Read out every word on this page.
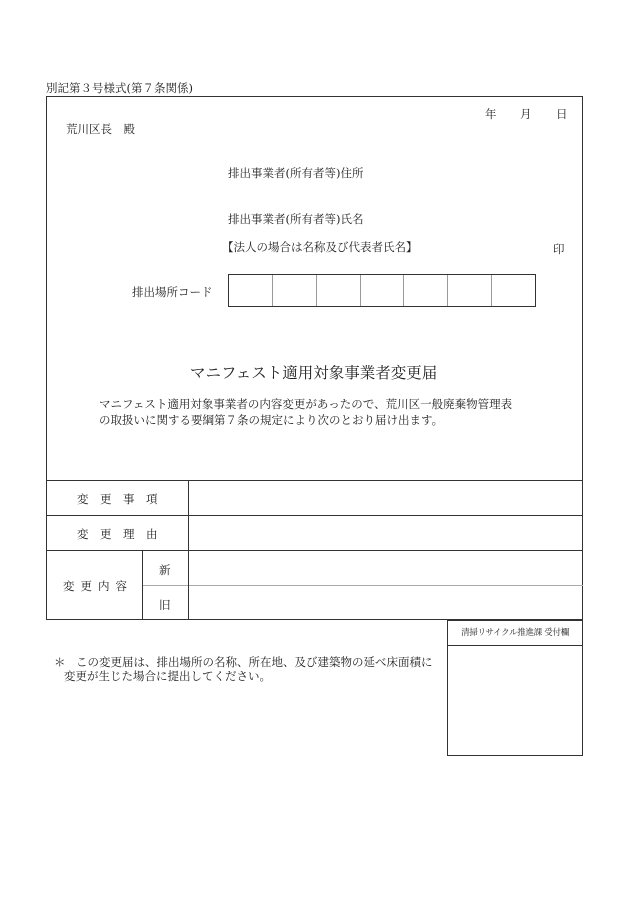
別記第３号様式(第７条関係)
年 月 日
荒川区長　殿
排出事業者(所有者等)住所
排出事業者(所有者等)氏名
【法人の場合は名称及び代表者氏名】	印
排出場所コード
マニフェスト適用対象事業者変更届
マニフェスト適用対象事業者の内容変更があったので、荒川区一般廃棄物管理表
の取扱いに関する要綱第７条の規定により次のとおり届け出ます。
変　更　事　項
変　更　理　由
変更内容
新
旧
＊ この変更届は、排出場所の名称、所在地、及び建築物の延べ床面積に
変更が生じた場合に提出してください。
清掃リサイクル推進課 受付欄
